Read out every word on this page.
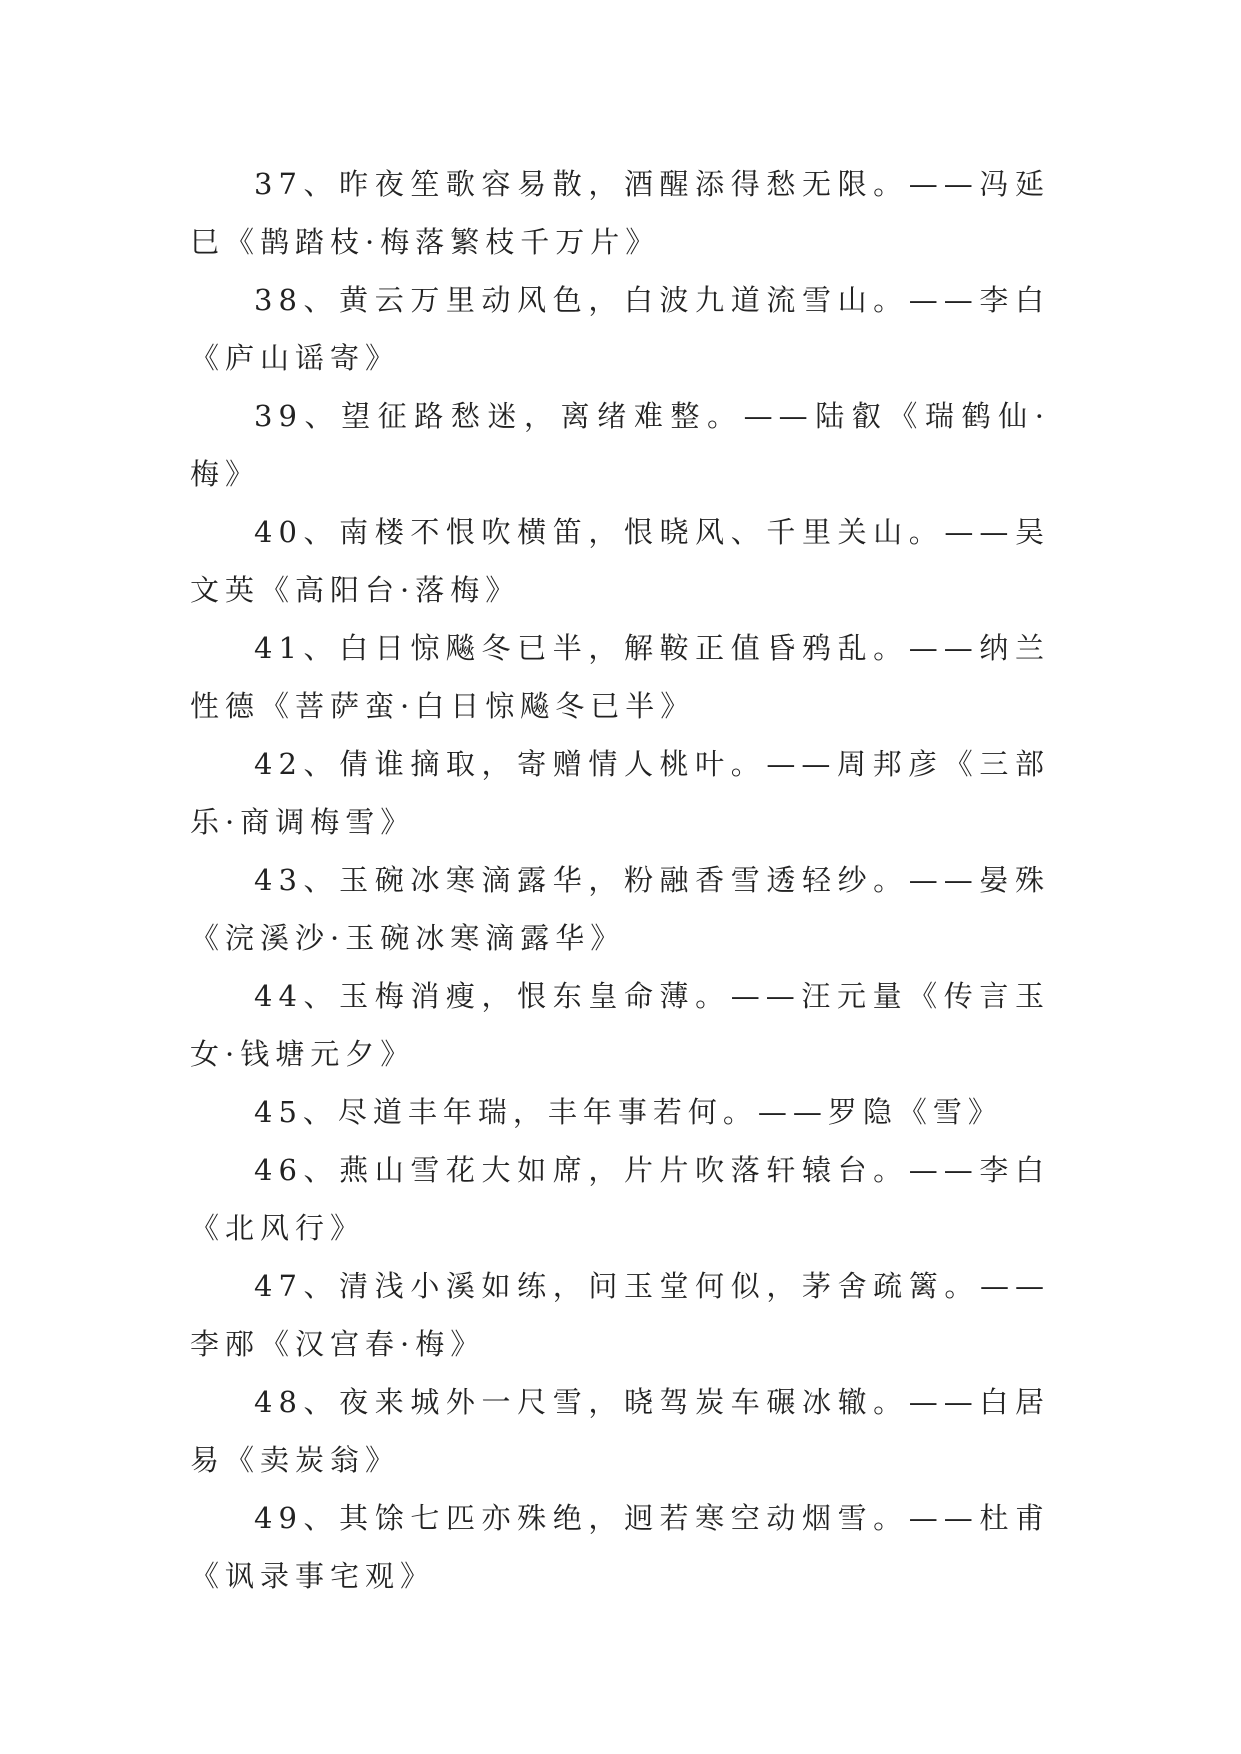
37、昨夜笙歌容易散，酒醒添得愁无限。——冯延巳《鹊踏枝·梅落繁枝千万片》

38、黄云万里动风色，白波九道流雪山。——李白《庐山谣寄》

39、望征路愁迷，离绪难整。——陆叡《瑞鹤仙·梅》

40、南楼不恨吹横笛，恨晓风、千里关山。——吴文英《高阳台·落梅》

41、白日惊飚冬已半，解鞍正值昏鸦乱。——纳兰性德《菩萨蛮·白日惊飚冬已半》

42、倩谁摘取，寄赠情人桃叶。——周邦彦《三部乐·商调梅雪》

43、玉碗冰寒滴露华，粉融香雪透轻纱。——晏殊《浣溪沙·玉碗冰寒滴露华》

44、玉梅消瘦，恨东皇命薄。——汪元量《传言玉女·钱塘元夕》

45、尽道丰年瑞，丰年事若何。——罗隐《雪》

46、燕山雪花大如席，片片吹落轩辕台。——李白《北风行》

47、清浅小溪如练，问玉堂何似，茅舍疏篱。——李邴《汉宫春·梅》

48、夜来城外一尺雪，晓驾炭车碾冰辙。——白居易《卖炭翁》

49、其馀七匹亦殊绝，迥若寒空动烟雪。——杜甫《讽录事宅观》
